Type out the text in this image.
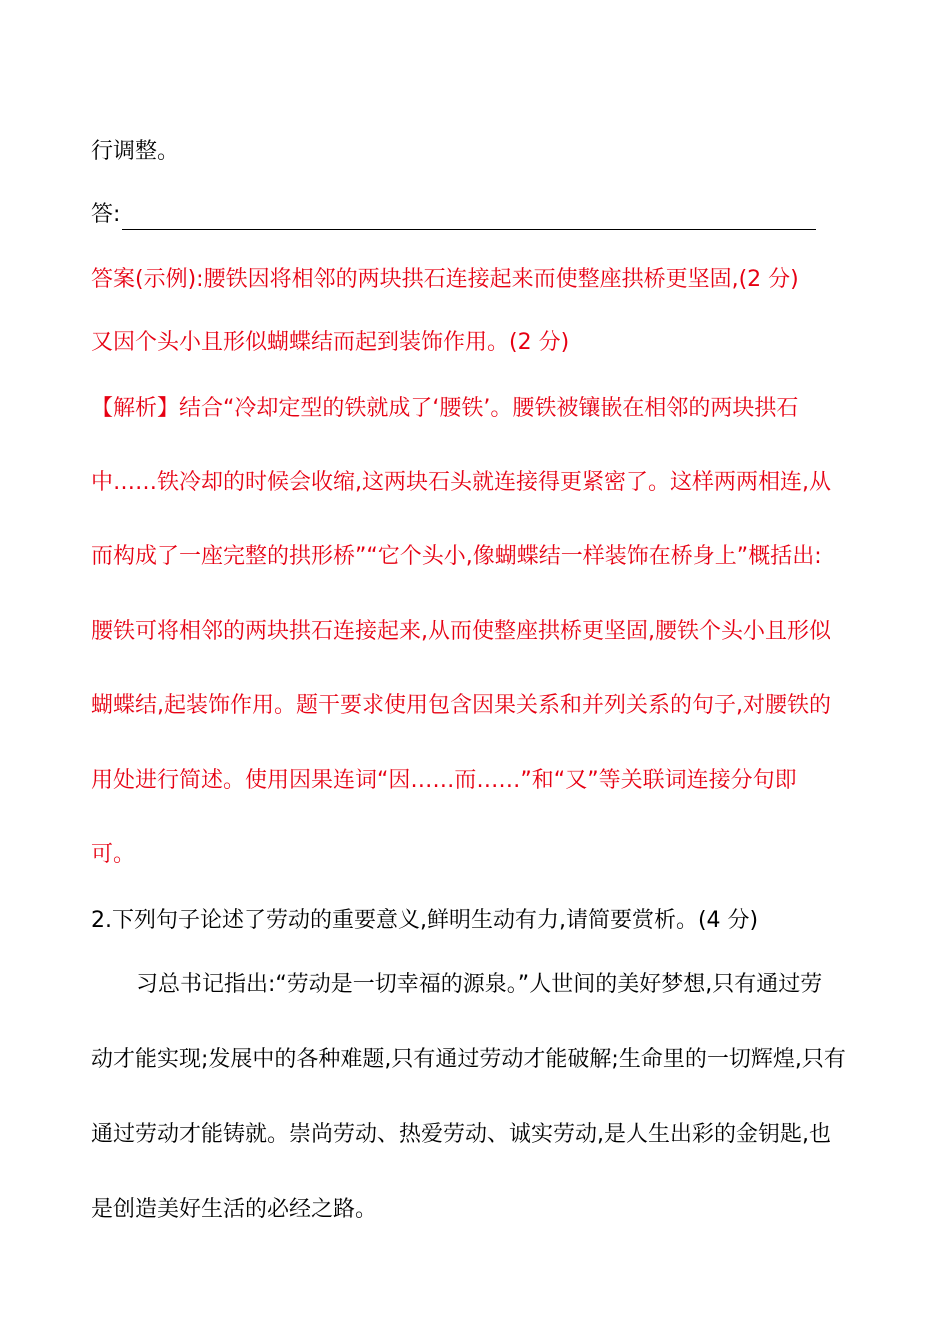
行调整。
答:
答案(示例):腰铁因将相邻的两块拱石连接起来而使整座拱桥更坚固,(2 分)
又因个头小且形似蝴蝶结而起到装饰作用。(2 分)
【解析】结合“冷却定型的铁就成了‘腰铁’。腰铁被镶嵌在相邻的两块拱石
中……铁冷却的时候会收缩,这两块石头就连接得更紧密了。这样两两相连,从
而构成了一座完整的拱形桥”“它个头小,像蝴蝶结一样装饰在桥身上”概括出:
腰铁可将相邻的两块拱石连接起来,从而使整座拱桥更坚固,腰铁个头小且形似
蝴蝶结,起装饰作用。题干要求使用包含因果关系和并列关系的句子,对腰铁的
用处进行简述。使用因果连词“因……而……”和“又”等关联词连接分句即
可。
2.下列句子论述了劳动的重要意义,鲜明生动有力,请简要赏析。(4 分)
习总书记指出:“劳动是一切幸福的源泉。”人世间的美好梦想,只有通过劳
动才能实现;发展中的各种难题,只有通过劳动才能破解;生命里的一切辉煌,只有
通过劳动才能铸就。崇尚劳动、热爱劳动、诚实劳动,是人生出彩的金钥匙,也
是创造美好生活的必经之路。
